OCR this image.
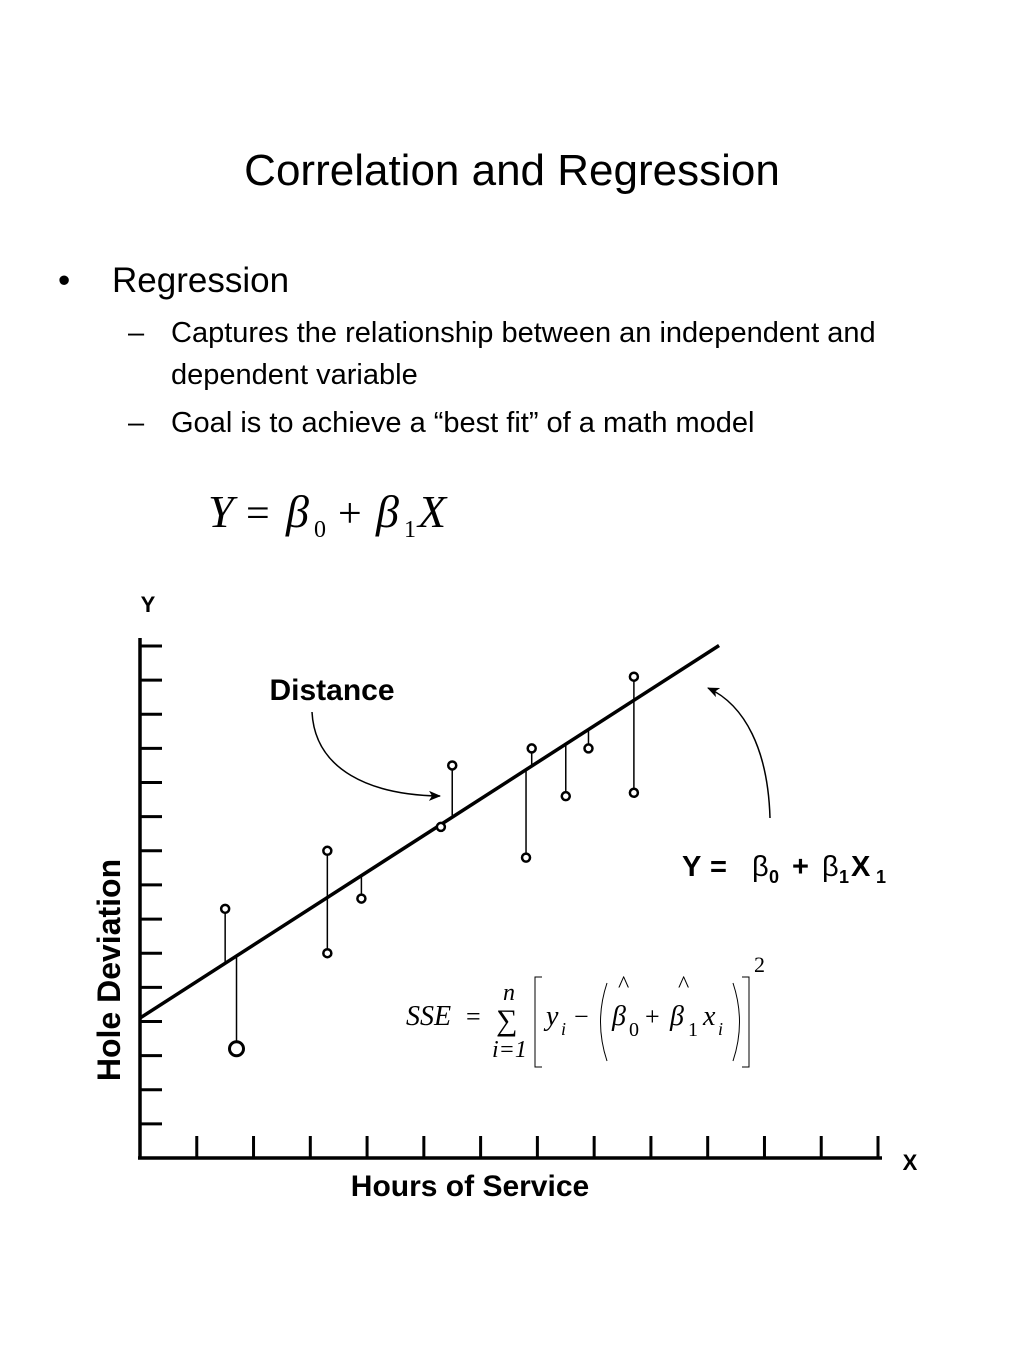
Correlation and Regression
• Regression
– Captures the relationship between an independent and dependent variable
– Goal is to achieve a “best fit” of a math model
Y = β 0 + β 1 X
Y
X
Hours of Service
Hole Deviation
Distance
Y = β 0 + β 1 X 1
SSE =
n
∑
i=1
y i −
^
β 0 +
^
β 1 x i
2
